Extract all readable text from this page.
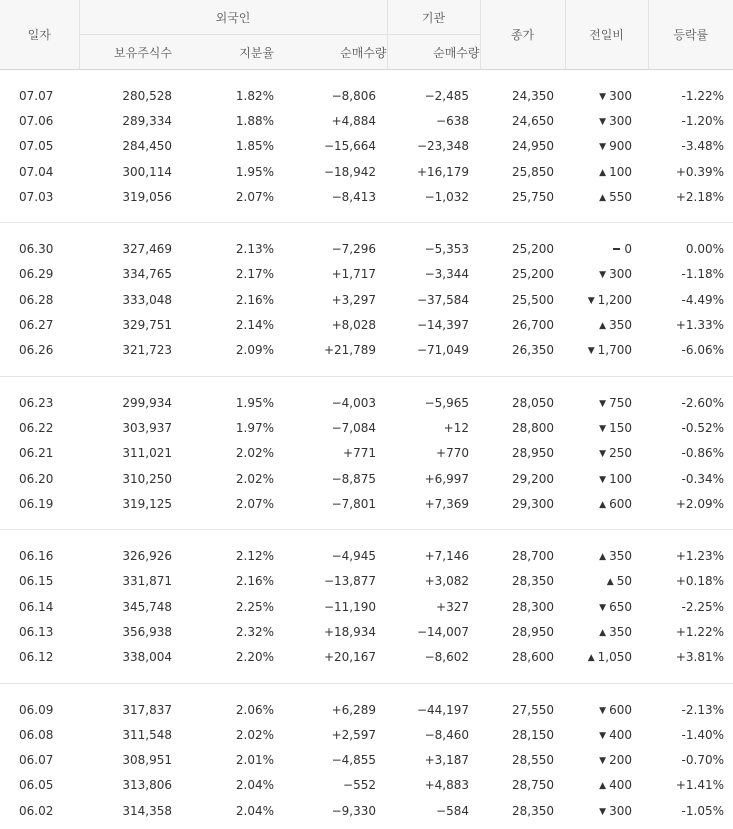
일자	외국인			기관	종가	전일비	등락률
	보유주식수	지분율	순매수량	순매수량			

07.07	280,528	1.82%	−8,806	−2,485	24,350	▼ 300	-1.22%
07.06	289,334	1.88%	+4,884	−638	24,650	▼ 300	-1.20%
07.05	284,450	1.85%	−15,664	−23,348	24,950	▼ 900	-3.48%
07.04	300,114	1.95%	−18,942	+16,179	25,850	▲ 100	+0.39%
07.03	319,056	2.07%	−8,413	−1,032	25,750	▲ 550	+2.18%

06.30	327,469	2.13%	−7,296	−5,353	25,200	0	0.00%
06.29	334,765	2.17%	+1,717	−3,344	25,200	▼ 300	-1.18%
06.28	333,048	2.16%	+3,297	−37,584	25,500	▼ 1,200	-4.49%
06.27	329,751	2.14%	+8,028	−14,397	26,700	▲ 350	+1.33%
06.26	321,723	2.09%	+21,789	−71,049	26,350	▼ 1,700	-6.06%

06.23	299,934	1.95%	−4,003	−5,965	28,050	▼ 750	-2.60%
06.22	303,937	1.97%	−7,084	+12	28,800	▼ 150	-0.52%
06.21	311,021	2.02%	+771	+770	28,950	▼ 250	-0.86%
06.20	310,250	2.02%	−8,875	+6,997	29,200	▼ 100	-0.34%
06.19	319,125	2.07%	−7,801	+7,369	29,300	▲ 600	+2.09%

06.16	326,926	2.12%	−4,945	+7,146	28,700	▲ 350	+1.23%
06.15	331,871	2.16%	−13,877	+3,082	28,350	▲ 50	+0.18%
06.14	345,748	2.25%	−11,190	+327	28,300	▼ 650	-2.25%
06.13	356,938	2.32%	+18,934	−14,007	28,950	▲ 350	+1.22%
06.12	338,004	2.20%	+20,167	−8,602	28,600	▲ 1,050	+3.81%

06.09	317,837	2.06%	+6,289	−44,197	27,550	▼ 600	-2.13%
06.08	311,548	2.02%	+2,597	−8,460	28,150	▼ 400	-1.40%
06.07	308,951	2.01%	−4,855	+3,187	28,550	▼ 200	-0.70%
06.05	313,806	2.04%	−552	+4,883	28,750	▲ 400	+1.41%
06.02	314,358	2.04%	−9,330	−584	28,350	▼ 300	-1.05%
